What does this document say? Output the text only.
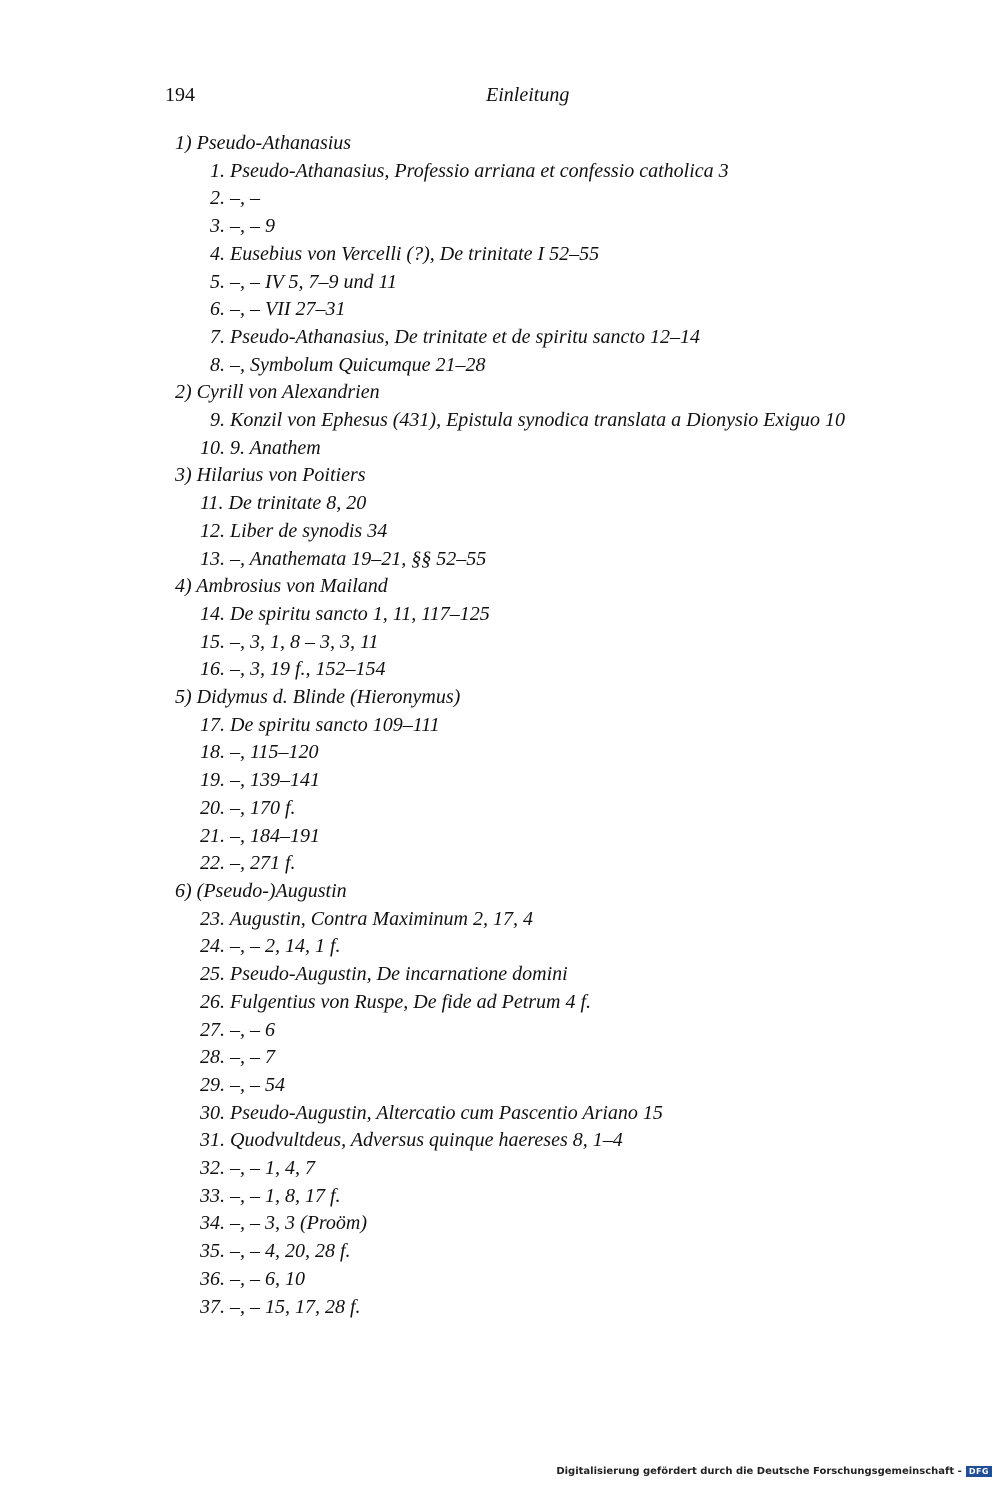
194	Einleitung
1) Pseudo-Athanasius
1. Pseudo-Athanasius, Professio arriana et confessio catholica 3
2. –, –
3. –, – 9
4. Eusebius von Vercelli (?), De trinitate I 52–55
5. –, – IV 5, 7–9 und 11
6. –, – VII 27–31
7. Pseudo-Athanasius, De trinitate et de spiritu sancto 12–14
8. –, Symbolum Quicumque 21–28
2) Cyrill von Alexandrien
9. Konzil von Ephesus (431), Epistula synodica translata a Dionysio Exiguo 10
10. 9. Anathem
3) Hilarius von Poitiers
11. De trinitate 8, 20
12. Liber de synodis 34
13. –, Anathemata 19–21, §§ 52–55
4) Ambrosius von Mailand
14. De spiritu sancto 1, 11, 117–125
15. –, 3, 1, 8 – 3, 3, 11
16. –, 3, 19 f., 152–154
5) Didymus d. Blinde (Hieronymus)
17. De spiritu sancto 109–111
18. –, 115–120
19. –, 139–141
20. –, 170 f.
21. –, 184–191
22. –, 271 f.
6) (Pseudo-)Augustin
23. Augustin, Contra Maximinum 2, 17, 4
24. –, – 2, 14, 1 f.
25. Pseudo-Augustin, De incarnatione domini
26. Fulgentius von Ruspe, De fide ad Petrum 4 f.
27. –, – 6
28. –, – 7
29. –, – 54
30. Pseudo-Augustin, Altercatio cum Pascentio Ariano 15
31. Quodvultdeus, Adversus quinque haereses 8, 1–4
32. –, – 1, 4, 7
33. –, – 1, 8, 17 f.
34. –, – 3, 3 (Proöm)
35. –, – 4, 20, 28 f.
36. –, – 6, 10
37. –, – 15, 17, 28 f.
Digitalisierung gefördert durch die Deutsche Forschungsgemeinschaft - DFG
